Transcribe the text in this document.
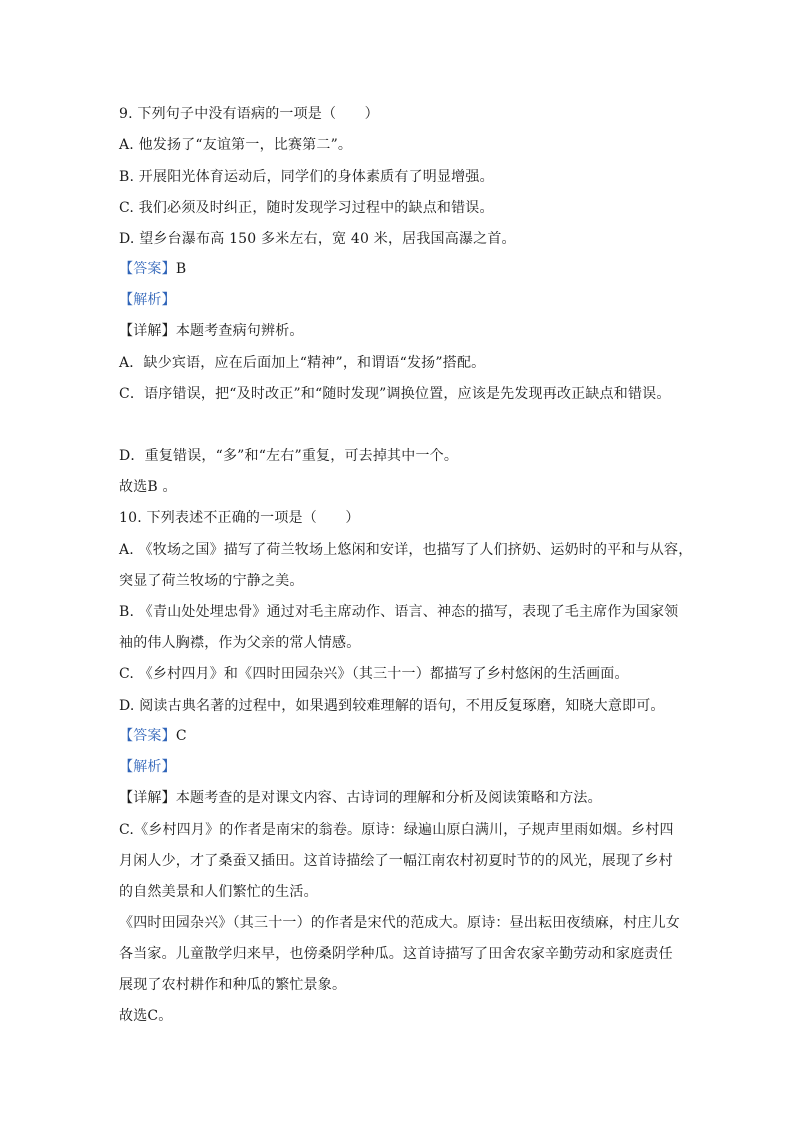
9. 下列句子中没有语病的一项是（　　）
A. 他发扬了“友谊第一，比赛第二”。
B. 开展阳光体育运动后，同学们的身体素质有了明显增强。
C. 我们必须及时纠正，随时发现学习过程中的缺点和错误。
D. 望乡台瀑布高 150 多米左右，宽 40 米，居我国高瀑之首。
【答案】B
【解析】
【详解】本题考查病句辨析。
A．缺少宾语，应在后面加上“精神”，和谓语“发扬”搭配。
C．语序错误，把“及时改正”和“随时发现”调换位置，应该是先发现再改正缺点和错误。
D．重复错误，“多”和“左右”重复，可去掉其中一个。
故选B 。
10. 下列表述不正确的一项是（　　）
A. 《牧场之国》描写了荷兰牧场上悠闲和安详，也描写了人们挤奶、运奶时的平和与从容，
突显了荷兰牧场的宁静之美。
B. 《青山处处埋忠骨》通过对毛主席动作、语言、神态的描写，表现了毛主席作为国家领
袖的伟人胸襟，作为父亲的常人情感。
C. 《乡村四月》和《四时田园杂兴》（其三十一）都描写了乡村悠闲的生活画面。
D. 阅读古典名著的过程中，如果遇到较难理解的语句，不用反复琢磨，知晓大意即可。
【答案】C
【解析】
【详解】本题考查的是对课文内容、古诗词的理解和分析及阅读策略和方法。
C.《乡村四月》的作者是南宋的翁卷。原诗：绿遍山原白满川，子规声里雨如烟。乡村四
月闲人少，才了桑蚕又插田。这首诗描绘了一幅江南农村初夏时节的的风光，展现了乡村
的自然美景和人们繁忙的生活。
《四时田园杂兴》（其三十一）的作者是宋代的范成大。原诗：昼出耘田夜绩麻，村庄儿女
各当家。儿童散学归来早，也傍桑阴学种瓜。这首诗描写了田舍农家辛勤劳动和家庭责任
展现了农村耕作和种瓜的繁忙景象。
故选C。
